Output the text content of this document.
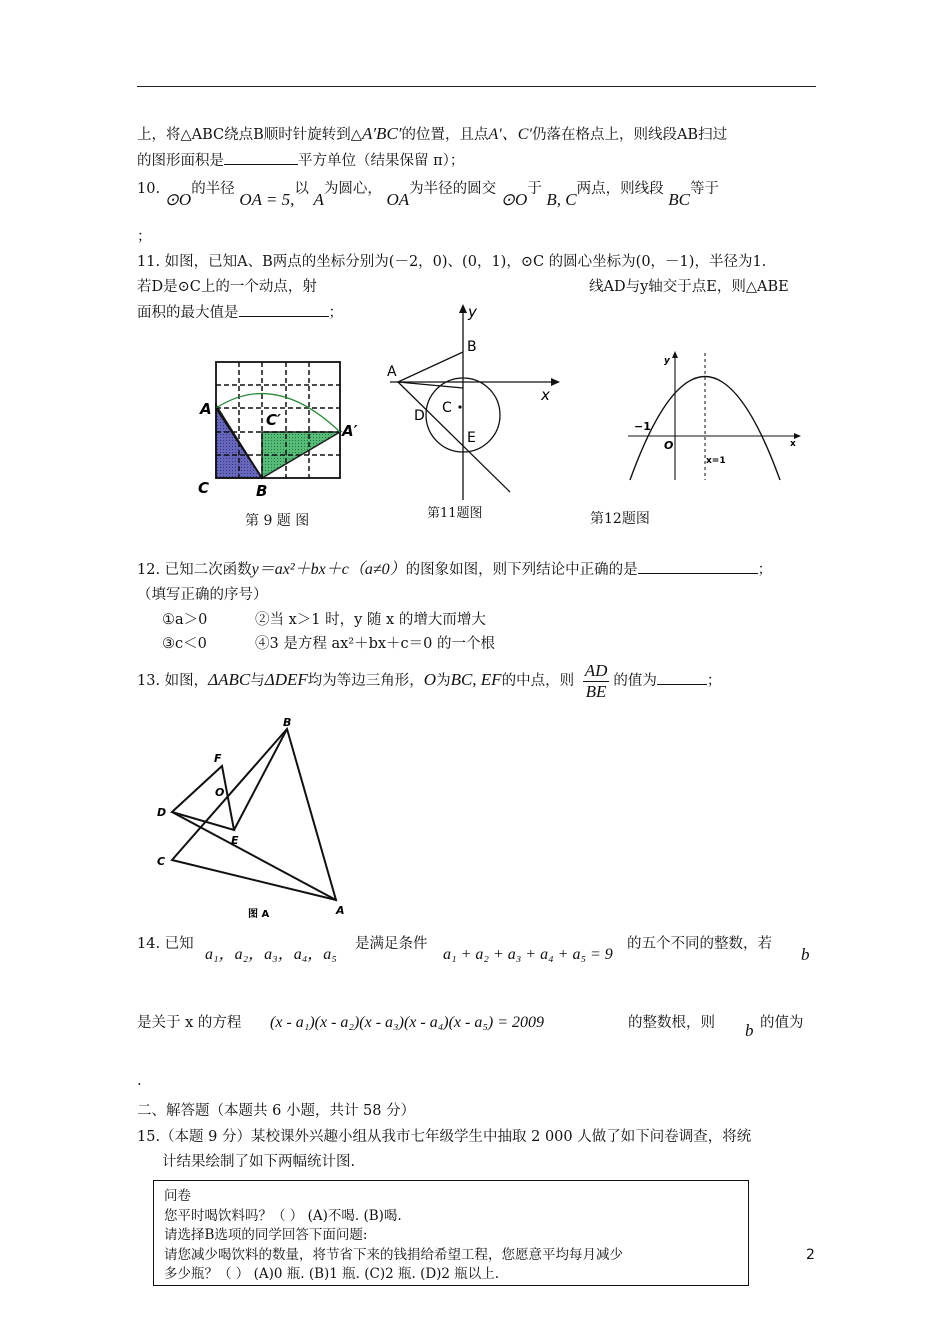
上，将△ABC绕点B顺时针旋转到△A′BC′的位置，且点A′、C′仍落在格点上，则线段AB扫过
的图形面积是	平方单位（结果保留 π）；
10. ⊙O的半径 OA = 5,以 A为圆心， OA为半径的圆交 ⊙O于 B, C两点，则线段 BC等于
；
11. 如图，已知A、B两点的坐标分别为(－2，0)、(0，1)，⊙C 的圆心坐标为(0，－1)，半径为1.
若D是⊙C上的一个动点，射	线AD与y轴交于点E，则△ABE
面积的最大值是	；
A
C	B
C′
A′
第 9 题 图
y
x
A
B
C
D
E
第11题图
y
x
O
−1
x=1
第12题图
12. 已知二次函数y＝ax²＋bx＋c（a≠0）的图象如图，则下列结论中正确的是	；
（填写正确的序号）
①a＞0	②当 x＞1 时，y 随 x 的增大而增大
③c＜0	④3 是方程 ax²＋bx＋c＝0 的一个根
13. 如图，ΔABC与ΔDEF均为等边三角形，O为BC, EF的中点，则 $\frac{AD}{BE}$ 的值为	；
B
F
O
D
E
C
A
图 A
14. 已知
a₁，a₂，a₃，a₄，a₅
是满足条件
a₁ + a₂ + a₃ + a₄ + a₅ = 9
的五个不同的整数，若
b
是关于 x 的方程 (x - a₁)(x - a₂)(x - a₃)(x - a₄)(x - a₅) = 2009	的整数根，则 b 的值为
.
二、解答题（本题共 6 小题，共计 58 分）
15.（本题 9 分）某校课外兴趣小组从我市七年级学生中抽取 2 000 人做了如下问卷调查，将统
计结果绘制了如下两幅统计图.
问卷
您平时喝饮料吗？（ ） (A)不喝. (B)喝.
请选择B选项的同学回答下面问题:
请您减少喝饮料的数量，将节省下来的钱捐给希望工程，您愿意平均每月减少
多少瓶？（ ） (A)0 瓶. (B)1 瓶. (C)2 瓶. (D)2 瓶以上.
2
